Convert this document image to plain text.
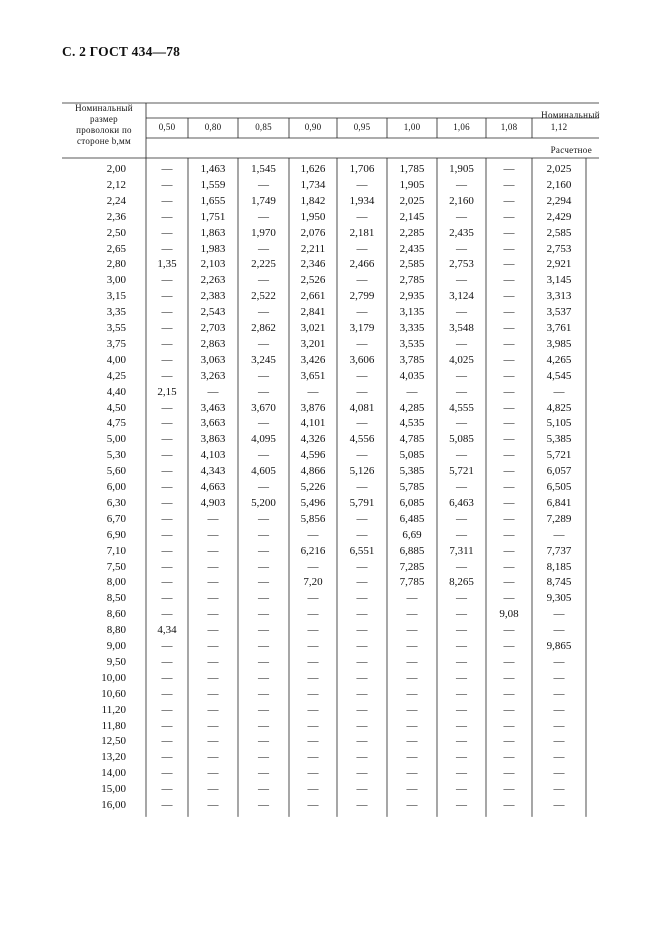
С. 2 ГОСТ 434—78
Номинальный
размер
проволоки по
стороне b,мм
Номинальный
Расчетное
0,50	0,80	0,85	0,90	0,95	1,00	1,06	1,08	1,12
2,00	—	1,463	1,545	1,626	1,706	1,785	1,905	—	2,025
2,12	—	1,559	—	1,734	—	1,905	—	—	2,160
2,24	—	1,655	1,749	1,842	1,934	2,025	2,160	—	2,294
2,36	—	1,751	—	1,950	—	2,145	—	—	2,429
2,50	—	1,863	1,970	2,076	2,181	2,285	2,435	—	2,585
2,65	—	1,983	—	2,211	—	2,435	—	—	2,753
2,80	1,35	2,103	2,225	2,346	2,466	2,585	2,753	—	2,921
3,00	—	2,263	—	2,526	—	2,785	—	—	3,145
3,15	—	2,383	2,522	2,661	2,799	2,935	3,124	—	3,313
3,35	—	2,543	—	2,841	—	3,135	—	—	3,537
3,55	—	2,703	2,862	3,021	3,179	3,335	3,548	—	3,761
3,75	—	2,863	—	3,201	—	3,535	—	—	3,985
4,00	—	3,063	3,245	3,426	3,606	3,785	4,025	—	4,265
4,25	—	3,263	—	3,651	—	4,035	—	—	4,545
4,40	2,15	—	—	—	—	—	—	—	—
4,50	—	3,463	3,670	3,876	4,081	4,285	4,555	—	4,825
4,75	—	3,663	—	4,101	—	4,535	—	—	5,105
5,00	—	3,863	4,095	4,326	4,556	4,785	5,085	—	5,385
5,30	—	4,103	—	4,596	—	5,085	—	—	5,721
5,60	—	4,343	4,605	4,866	5,126	5,385	5,721	—	6,057
6,00	—	4,663	—	5,226	—	5,785	—	—	6,505
6,30	—	4,903	5,200	5,496	5,791	6,085	6,463	—	6,841
6,70	—	—	—	5,856	—	6,485	—	—	7,289
6,90	—	—	—	—	—	6,69	—	—	—
7,10	—	—	—	6,216	6,551	6,885	7,311	—	7,737
7,50	—	—	—	—	—	7,285	—	—	8,185
8,00	—	—	—	7,20	—	7,785	8,265	—	8,745
8,50	—	—	—	—	—	—	—	—	9,305
8,60	—	—	—	—	—	—	—	9,08	—
8,80	4,34	—	—	—	—	—	—	—	—
9,00	—	—	—	—	—	—	—	—	9,865
9,50	—	—	—	—	—	—	—	—	—
10,00	—	—	—	—	—	—	—	—	—
10,60	—	—	—	—	—	—	—	—	—
11,20	—	—	—	—	—	—	—	—	—
11,80	—	—	—	—	—	—	—	—	—
12,50	—	—	—	—	—	—	—	—	—
13,20	—	—	—	—	—	—	—	—	—
14,00	—	—	—	—	—	—	—	—	—
15,00	—	—	—	—	—	—	—	—	—
16,00	—	—	—	—	—	—	—	—	—
